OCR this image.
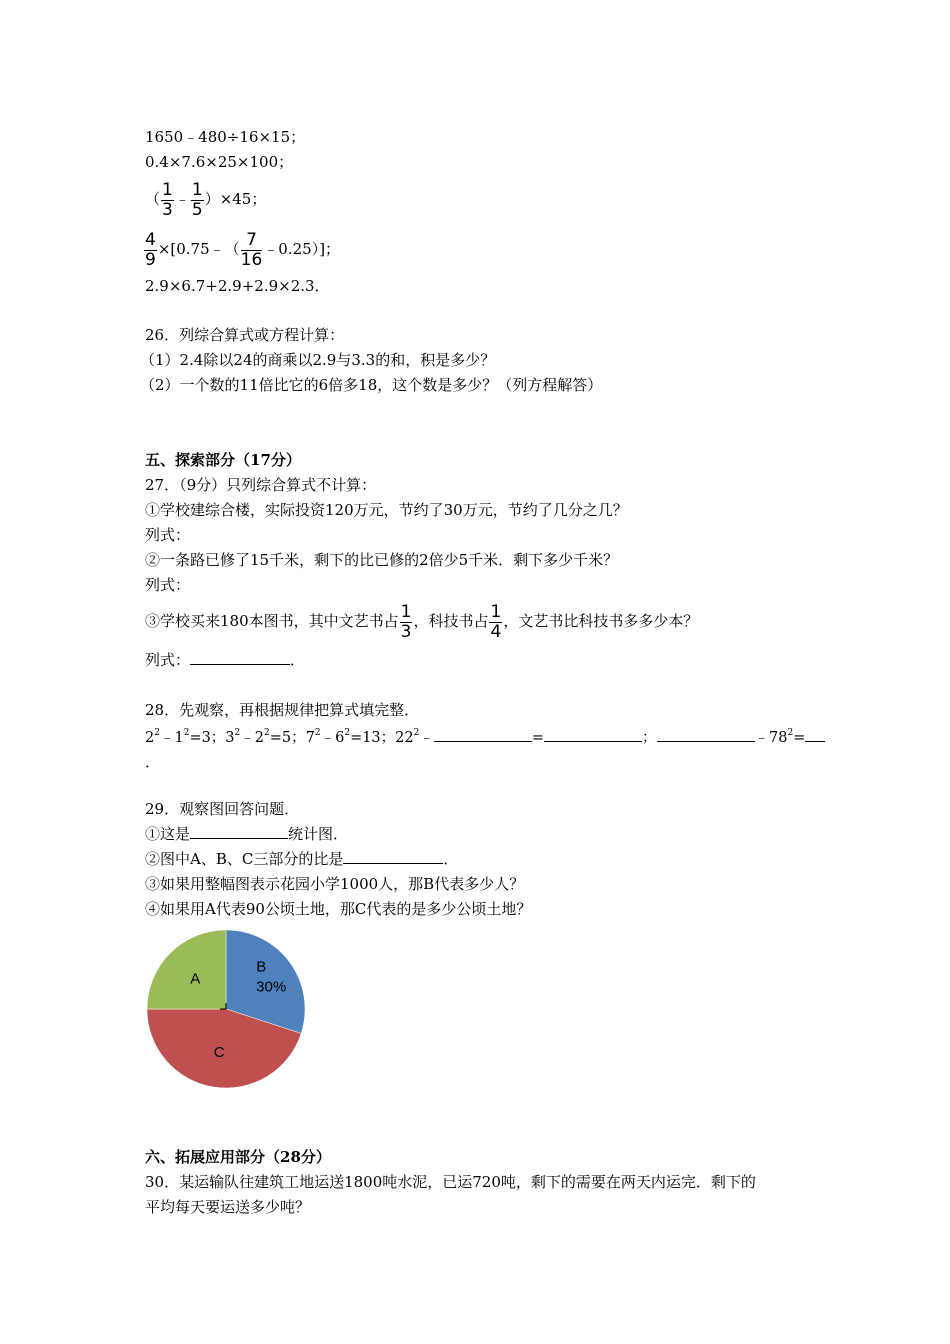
1650﹣480÷16×15；
0.4×7.6×25×100；
（ $\frac{1}{3}$ ﹣ $\frac{1}{5} )\times 45$；
$\frac{4}{9}$ ×[0.75﹣（ $\frac{7}{16}$ ﹣0.25）]；
2.9×6.7+2.9+2.9×2.3．
26．列综合算式或方程计算：
（1）2.4除以24的商乘以2.9与3.3的和，积是多少？
（2）一个数的11倍比它的6倍多18，这个数是多少？（列方程解答）
五、探索部分（17分）
27．（9分）只列综合算式不计算：
①学校建综合楼，实际投资120万元，节约了30万元，节约了几分之几？
列式：
②一条路已修了15千米，剩下的比已修的2倍少5千米．剩下多少千米？
列式：
③学校买来180本图书，其中文艺书占 $\frac{1}{3}$ ，科技书占 $\frac{1}{4}$ ，文艺书比科技书多多少本？
列式：	．
28．先观察，再根据规律把算式填完整．
$2^2﹣1^2=3$；$3^2﹣2^2=5$；$7^2﹣6^2=13$；$22^2﹣$	=	；	$﹣78^2=$
．
29．观察图回答问题．
①这是	统计图．
②图中A、B、C三部分的比是	．
③如果用整幅图表示花园小学1000人，那B代表多少人？
④如果用A代表90公顷土地，那C代表的是多少公顷土地？
B
30%
C
A
六、拓展应用部分（28分）
30．某运输队往建筑工地运送1800吨水泥，已运720吨，剩下的需要在两天内运完．剩下的
平均每天要运送多少吨？
